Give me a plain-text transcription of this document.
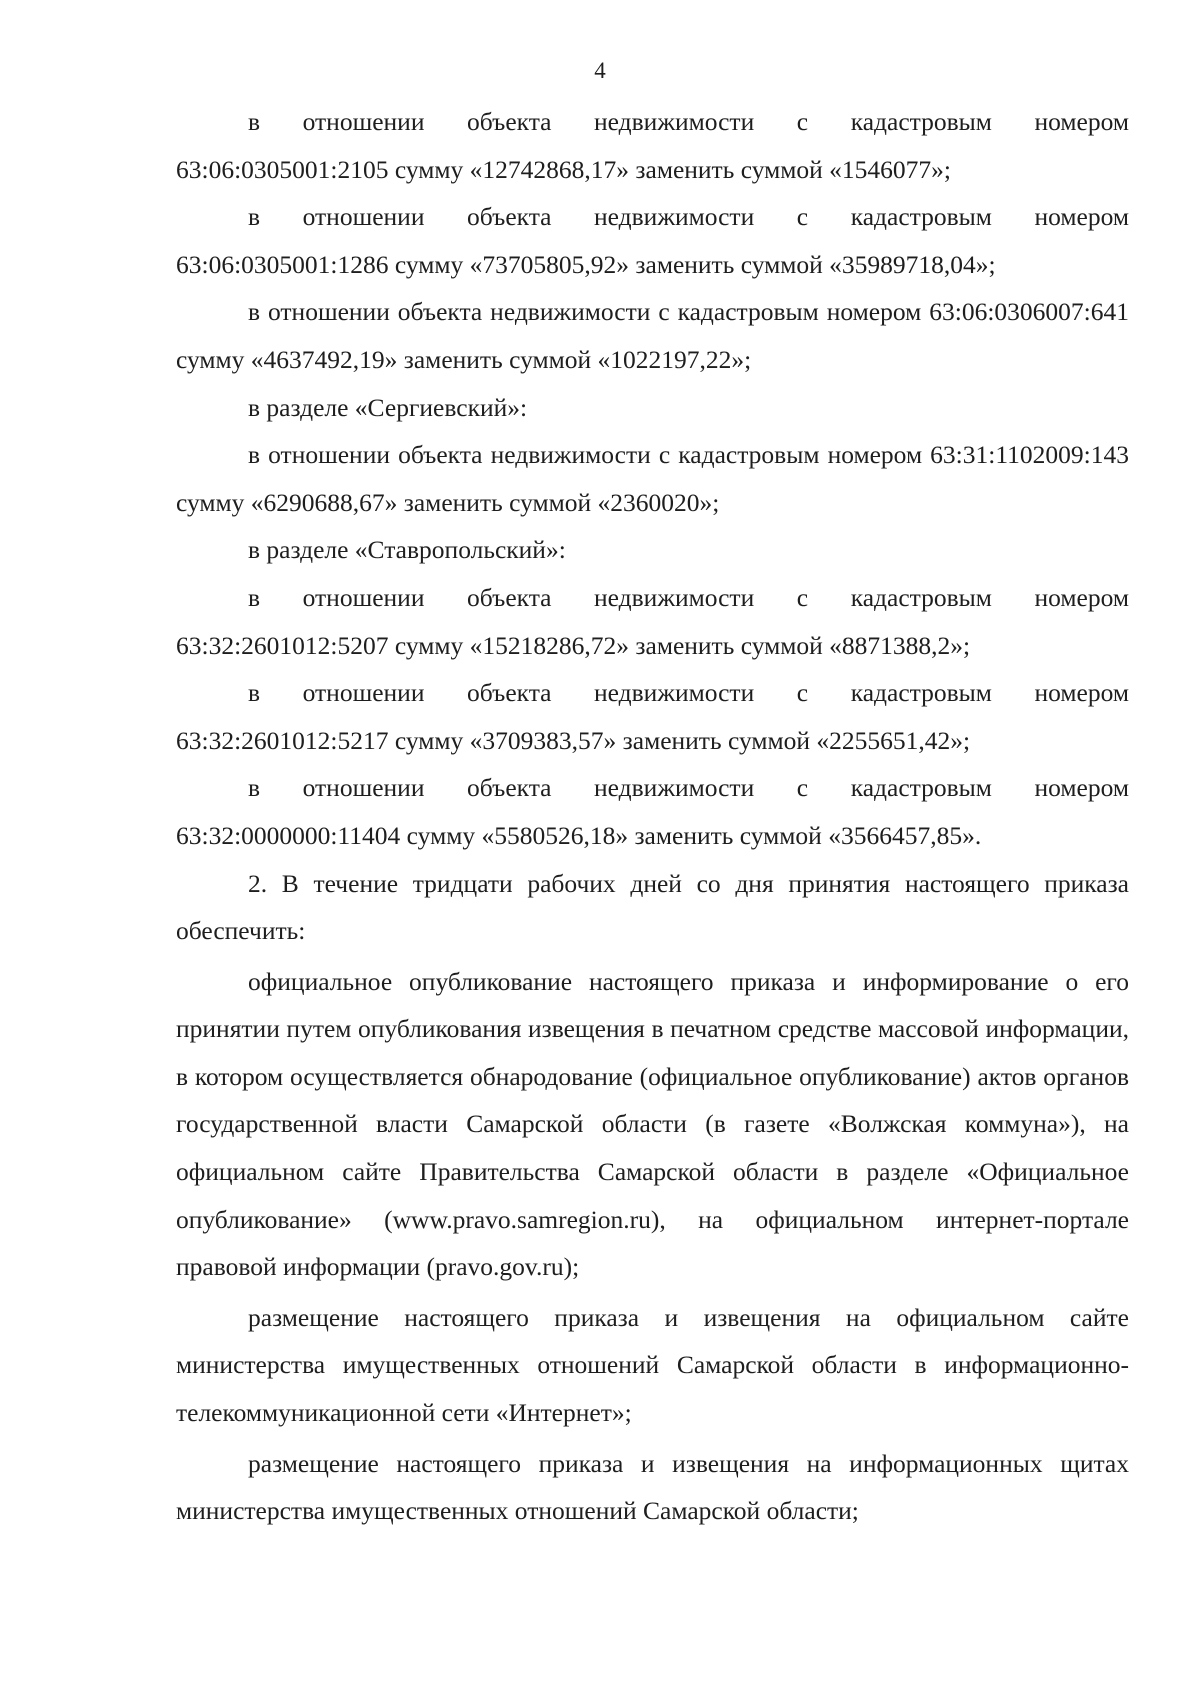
4

в отношении объекта недвижимости с кадастровым номером 63:06:0305001:2105 сумму «12742868,17» заменить суммой «1546077»;

в отношении объекта недвижимости с кадастровым номером 63:06:0305001:1286 сумму «73705805,92» заменить суммой «35989718,04»;

в отношении объекта недвижимости с кадастровым номером 63:06:0306007:641 сумму «4637492,19» заменить суммой «1022197,22»;

в разделе «Сергиевский»:

в отношении объекта недвижимости с кадастровым номером 63:31:1102009:143 сумму «6290688,67» заменить суммой «2360020»;

в разделе «Ставропольский»:

в отношении объекта недвижимости с кадастровым номером 63:32:2601012:5207 сумму «15218286,72» заменить суммой «8871388,2»;

в отношении объекта недвижимости с кадастровым номером 63:32:2601012:5217 сумму «3709383,57» заменить суммой «2255651,42»;

в отношении объекта недвижимости с кадастровым номером 63:32:0000000:11404 сумму «5580526,18» заменить суммой «3566457,85».

2. В течение тридцати рабочих дней со дня принятия настоящего приказа обеспечить:

официальное опубликование настоящего приказа и информирование о его принятии путем опубликования извещения в печатном средстве массовой информации, в котором осуществляется обнародование (официальное опубликование) актов органов государственной власти Самарской области (в газете «Волжская коммуна»), на официальном сайте Правительства Самарской области в разделе «Официальное опубликование» (www.pravo.samregion.ru), на официальном интернет-портале правовой информации (pravo.gov.ru);

размещение настоящего приказа и извещения на официальном сайте министерства имущественных отношений Самарской области в информационно-телекоммуникационной сети «Интернет»;

размещение настоящего приказа и извещения на информационных щитах министерства имущественных отношений Самарской области;
